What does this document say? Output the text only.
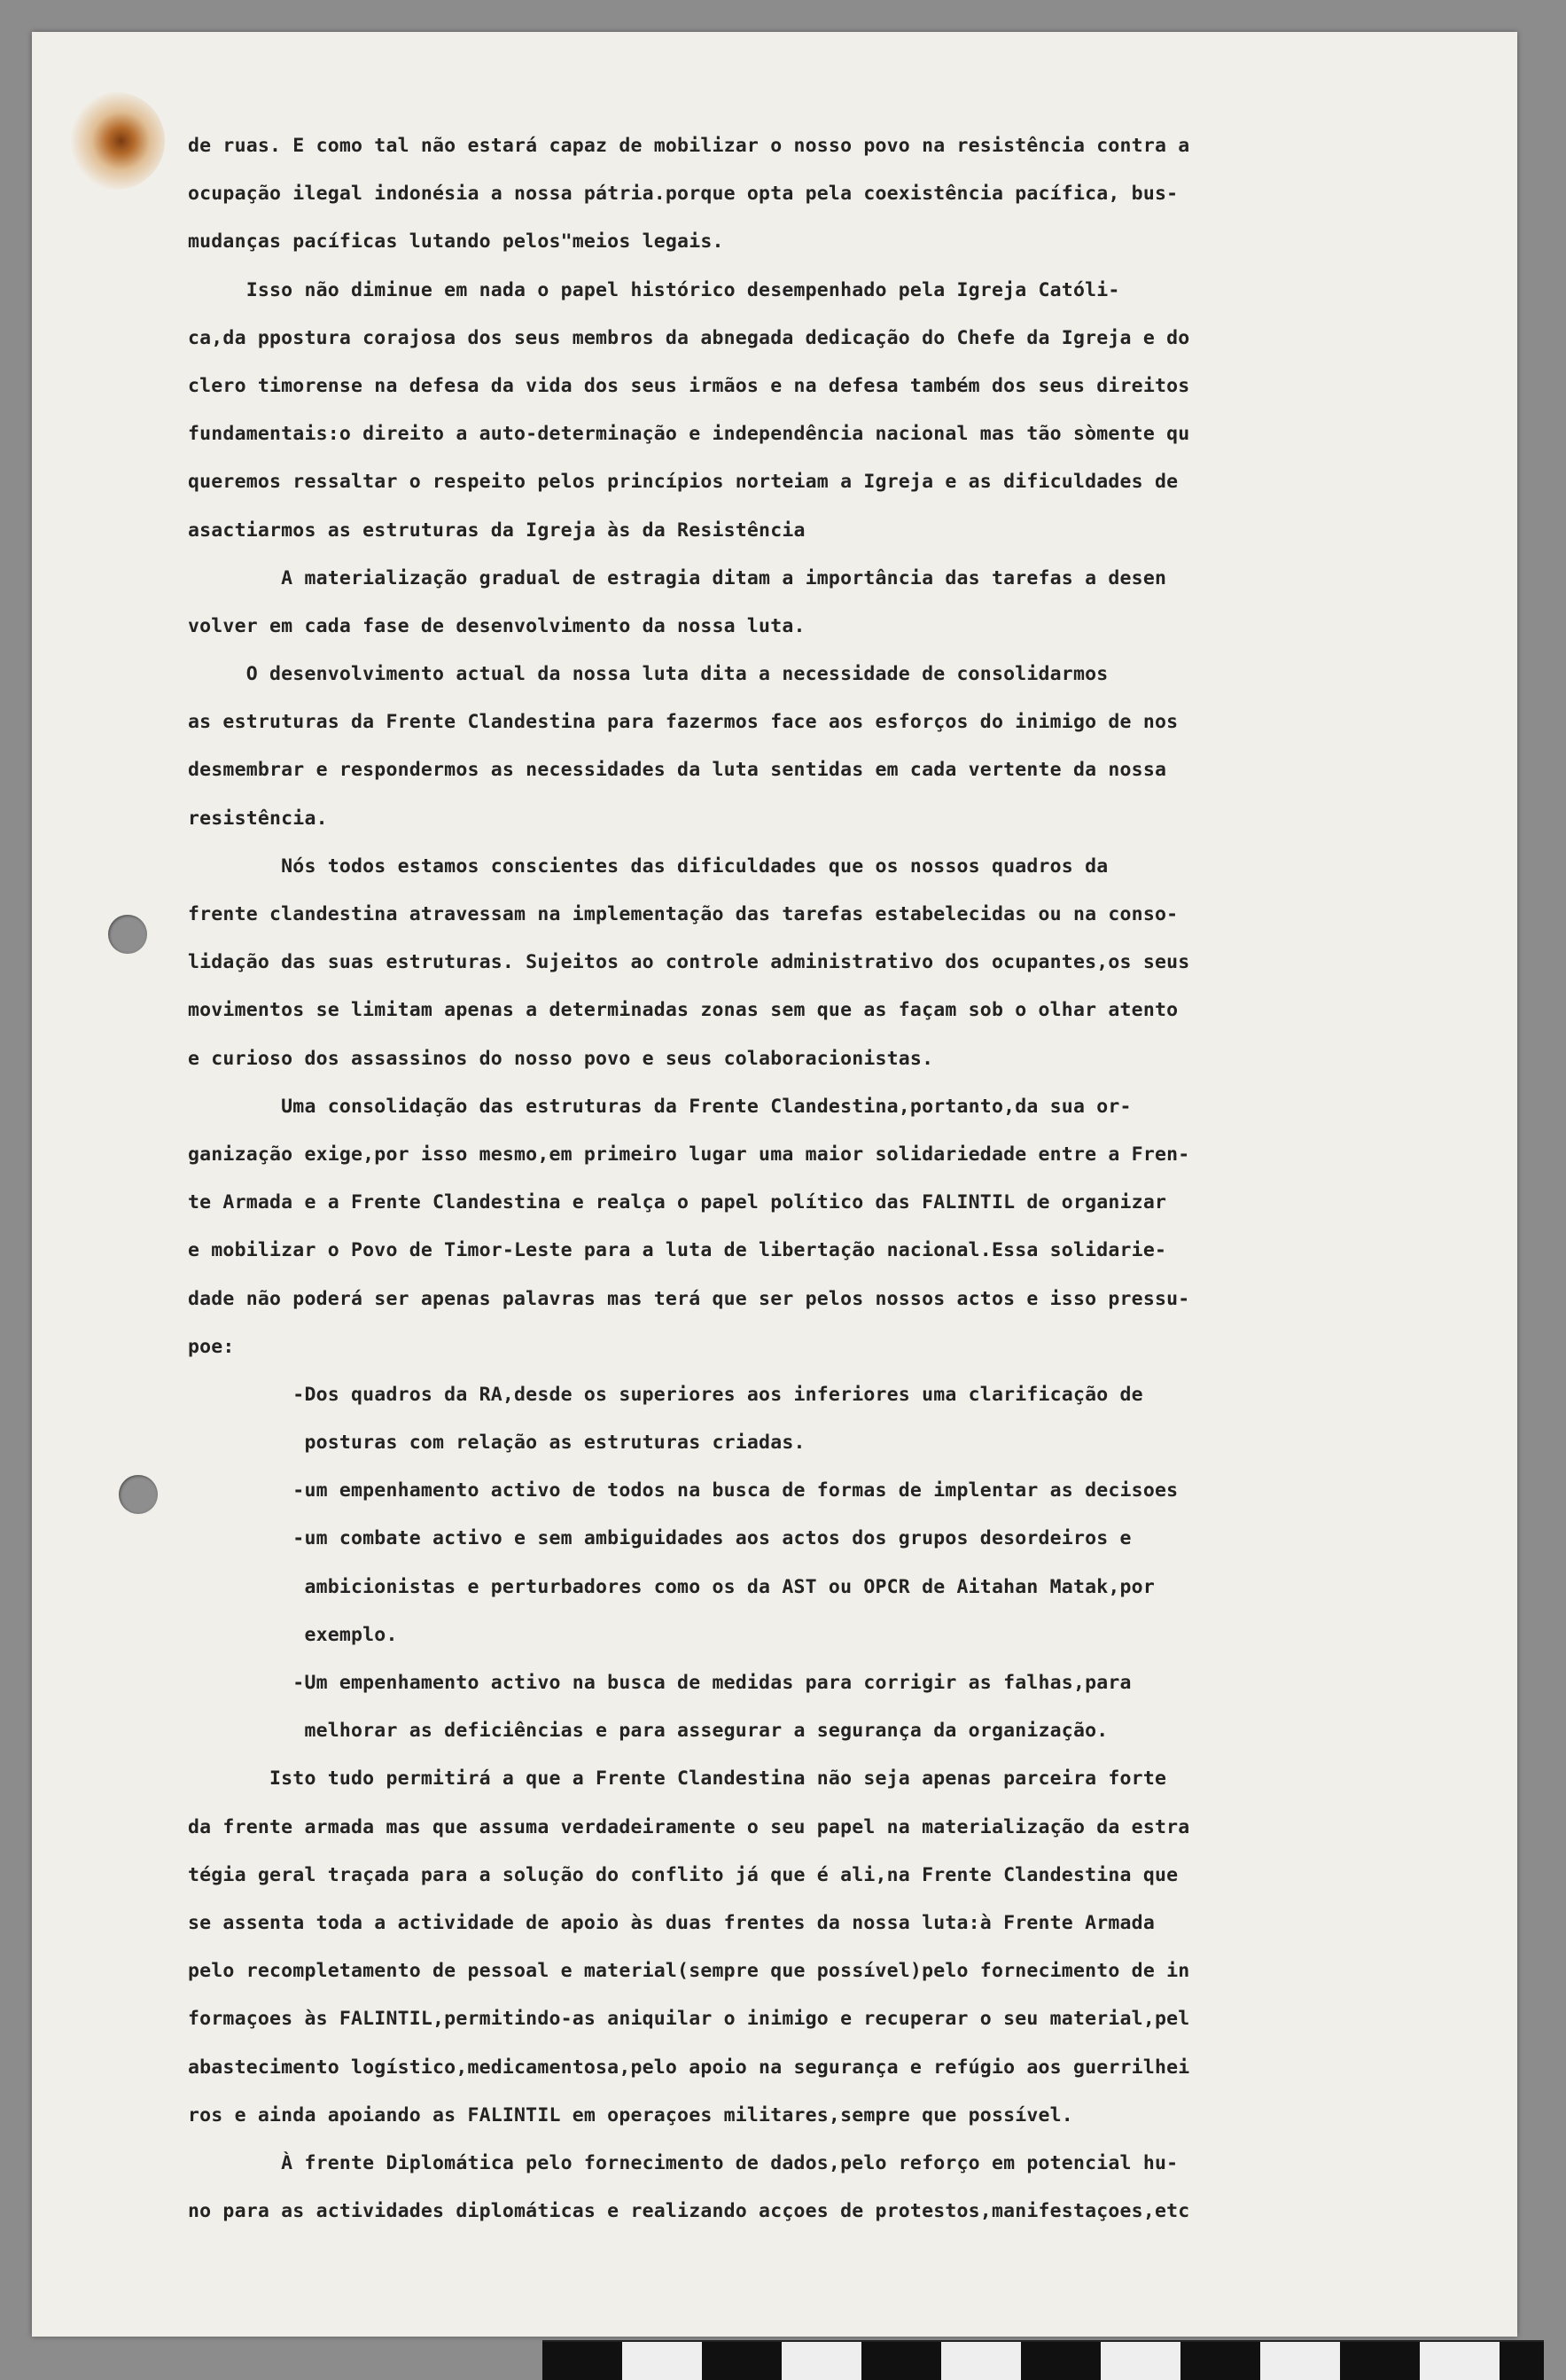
de ruas. E como tal não estará capaz de mobilizar o nosso povo na resistência contra a
ocupação ilegal indonésia a nossa pátria.porque opta pela coexistência pacífica, bus-
mudanças pacíficas lutando pelos"meios legais.
Isso não diminue em nada o papel histórico desempenhado pela Igreja Católi-
ca,da ppostura corajosa dos seus membros da abnegada dedicação do Chefe da Igreja e do
clero timorense na defesa da vida dos seus irmãos e na defesa também dos seus direitos
fundamentais:o direito a auto-determinação e independência nacional mas tão sòmente qu
queremos ressaltar o respeito pelos princípios norteiam a Igreja e as dificuldades de
asactiarmos as estruturas da Igreja às da Resistência
A materialização gradual de estragia ditam a importância das tarefas a desen
volver em cada fase de desenvolvimento da nossa luta.
O desenvolvimento actual da nossa luta dita a necessidade de consolidarmos
as estruturas da Frente Clandestina para fazermos face aos esforços do inimigo de nos
desmembrar e respondermos as necessidades da luta sentidas em cada vertente da nossa
resistência.
Nós todos estamos conscientes das dificuldades que os nossos quadros da
frente clandestina atravessam na implementação das tarefas estabelecidas ou na conso-
lidação das suas estruturas. Sujeitos ao controle administrativo dos ocupantes,os seus
movimentos se limitam apenas a determinadas zonas sem que as façam sob o olhar atento
e curioso dos assassinos do nosso povo e seus colaboracionistas.
Uma consolidação das estruturas da Frente Clandestina,portanto,da sua or-
ganização exige,por isso mesmo,em primeiro lugar uma maior solidariedade entre a Fren-
te Armada e a Frente Clandestina e realça o papel político das FALINTIL de organizar
e mobilizar o Povo de Timor-Leste para a luta de libertação nacional.Essa solidarie-
dade não poderá ser apenas palavras mas terá que ser pelos nossos actos e isso pressu-
poe:
-Dos quadros da RA,desde os superiores aos inferiores uma clarificação de
posturas com relação as estruturas criadas.
-um empenhamento activo de todos na busca de formas de implentar as decisoes
-um combate activo e sem ambiguidades aos actos dos grupos desordeiros e
ambicionistas e perturbadores como os da AST ou OPCR de Aitahan Matak,por
exemplo.
-Um empenhamento activo na busca de medidas para corrigir as falhas,para
melhorar as deficiências e para assegurar a segurança da organização.
Isto tudo permitirá a que a Frente Clandestina não seja apenas parceira forte
da frente armada mas que assuma verdadeiramente o seu papel na materialização da estra
tégia geral traçada para a solução do conflito já que é ali,na Frente Clandestina que
se assenta toda a actividade de apoio às duas frentes da nossa luta:à Frente Armada
pelo recompletamento de pessoal e material(sempre que possível)pelo fornecimento de in
formaçoes às FALINTIL,permitindo-as aniquilar o inimigo e recuperar o seu material,pel
abastecimento logístico,medicamentosa,pelo apoio na segurança e refúgio aos guerrilhei
ros e ainda apoiando as FALINTIL em operaçoes militares,sempre que possível.
À frente Diplomática pelo fornecimento de dados,pelo reforço em potencial hu-
no para as actividades diplomáticas e realizando acçoes de protestos,manifestaçoes,etc
